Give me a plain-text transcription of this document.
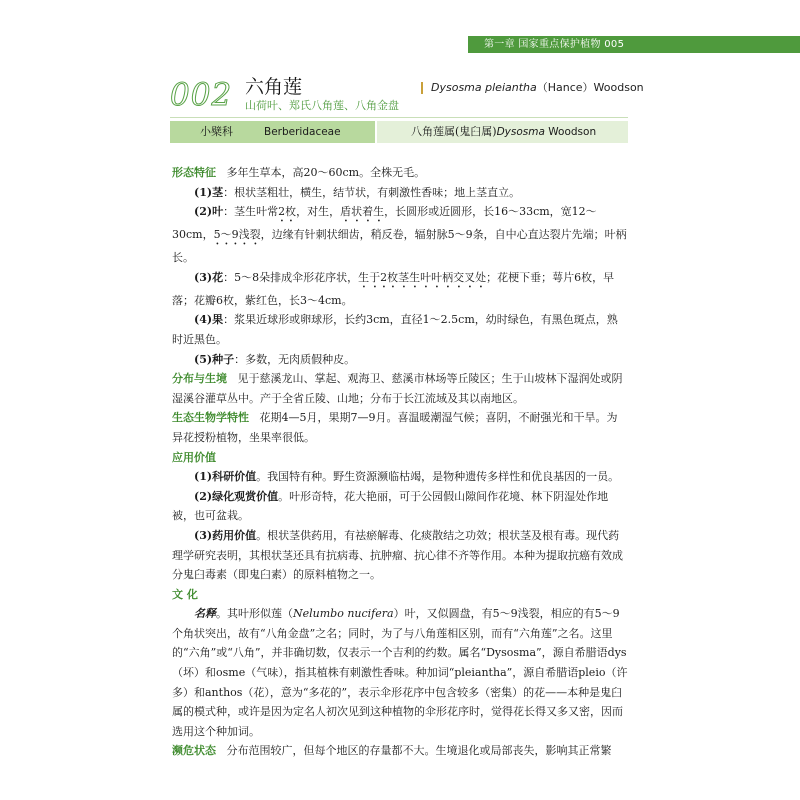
第一章 国家重点保护植物 005
002 六角莲
山荷叶、郑氏八角莲、八角金盘
Dysosma pleiantha（Hance）Woodson
小檗科	Berberidaceae	八角莲属(鬼臼属)Dysosma Woodson

形态特征 多年生草本，高20～60cm。全株无毛。

(1)茎：根状茎粗壮，横生，结节状，有刺激性香味；地上茎直立。

(2)叶：茎生叶常2枚，对生，盾状着生，长圆形或近圆形，长16～33cm，宽12～30cm，5～9浅裂，边缘有针刺状细齿，稍反卷，辐射脉5～9条，自中心直达裂片先端；叶柄长。

(3)花：5～8朵排成伞形花序状，生于2枚茎生叶叶柄交叉处；花梗下垂；萼片6枚，早落；花瓣6枚，紫红色，长3～4cm。

(4)果：浆果近球形或卵球形，长约3cm，直径1～2.5cm，幼时绿色，有黑色斑点，熟时近黑色。

(5)种子：多数，无肉质假种皮。

分布与生境 见于慈溪龙山、掌起、观海卫、慈溪市林场等丘陵区；生于山坡林下湿润处或阴湿溪谷灌草丛中。产于全省丘陵、山地；分布于长江流域及其以南地区。

生态生物学特性 花期4—5月，果期7—9月。喜温暖潮湿气候；喜阴，不耐强光和干旱。为异花授粉植物，坐果率很低。

应用价值

(1)科研价值。我国特有种。野生资源濒临枯竭，是物种遗传多样性和优良基因的一员。

(2)绿化观赏价值。叶形奇特，花大艳丽，可于公园假山隙间作花境、林下阴湿处作地被，也可盆栽。

(3)药用价值。根状茎供药用，有祛瘀解毒、化痰散结之功效；根状茎及根有毒。现代药理学研究表明，其根状茎还具有抗病毒、抗肿瘤、抗心律不齐等作用。本种为提取抗癌有效成分鬼臼毒素（即鬼臼素）的原料植物之一。

文 化

名释。其叶形似莲（Nelumbo nucifera）叶，又似圆盘，有5～9浅裂，相应的有5～9个角状突出，故有“八角金盘”之名；同时，为了与八角莲相区别，而有“六角莲”之名。这里的“六角”或“八角”，并非确切数，仅表示一个吉利的约数。属名“Dysosma”，源自希腊语dys（坏）和osme（气味），指其植株有刺激性香味。种加词“pleiantha”，源自希腊语pleio（许多）和anthos（花），意为“多花的”，表示伞形花序中包含较多（密集）的花——本种是鬼臼属的模式种，或许是因为定名人初次见到这种植物的伞形花序时，觉得花长得又多又密，因而选用这个种加词。

濒危状态 分布范围较广，但每个地区的存量都不大。生境退化或局部丧失，影响其正常繁
